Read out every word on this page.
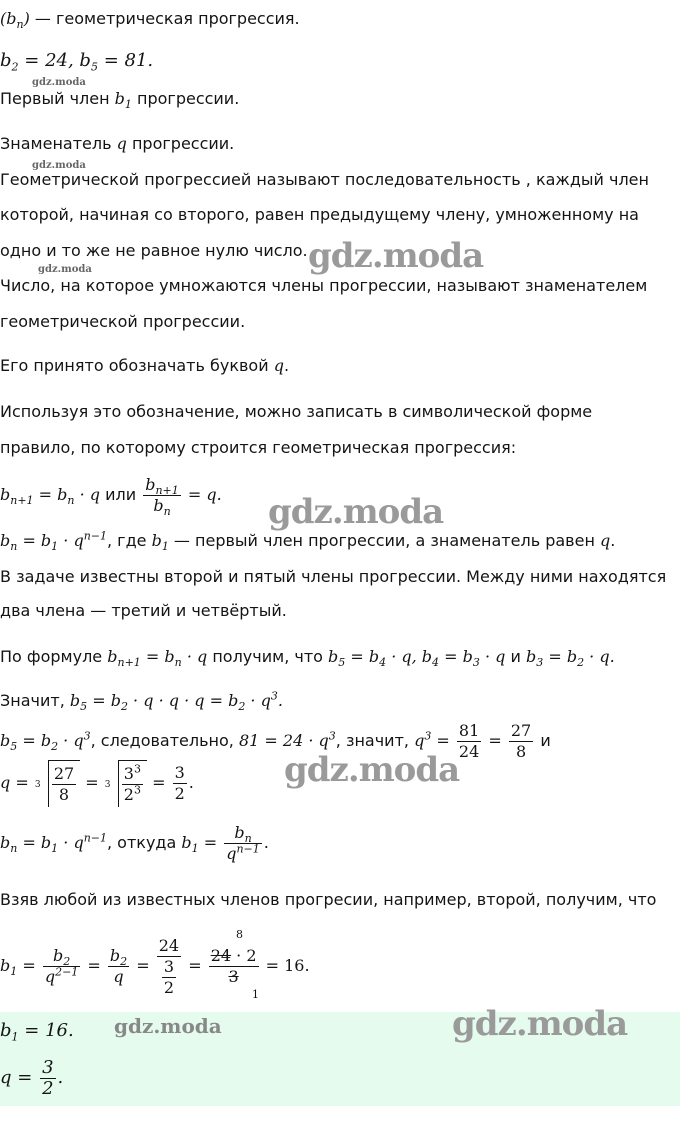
$(b_n)$ — геометрическая прогрессия.
$b_2 = 24$, $b_5 = 81$.
gdz.moda
Первый член $b_1$ прогрессии.
Знаменатель q прогрессии.
gdz.moda
Геометрической прогрессией называют последовательность , каждый член
которой, начиная со второго, равен предыдущему члену, умноженному на
одно и то же не равное нулю число. gdz.moda
gdz.moda
Число, на которое умножаются члены прогрессии, называют знаменателем
геометрической прогрессии.
Его принято обозначать буквой q.
Используя это обозначение, можно записать в символической форме
правило, по которому строится геометрическая прогрессия:
$b_{n+1} = b_n \cdot q$ или $\frac{b_{n+1}}{b_n} = q$. gdz.moda
$b_n = b_1 \cdot q^{n-1}$, где $b_1$ — первый член прогрессии, а знаменатель равен q.
В задаче известны второй и пятый члены прогрессии. Между ними находятся
два члена — третий и четвёртый.
По формуле $b_{n+1} = b_n \cdot q$ получим, что $b_5 = b_4 \cdot q$, $b_4 = b_3 \cdot q$ и $b_3 = b_2 \cdot q$.
Значит, $b_5 = b_2 \cdot q \cdot q \cdot q = b_2 \cdot q^3$.
$b_5 = b_2 \cdot q^3$, следовательно, $81 = 24 \cdot q^3$, значит, $q^3 = \frac{81}{24} = \frac{27}{8}$ и
$q = 3 \frac{27}{8} = 3 \frac{3^3}{2^3} = \frac{3}{2}$ .	gdz.moda
$b_n = b_1 \cdot q^{n-1}$, откуда $b_1 = \frac{b_n}{q^{n-1}}$ .
Взяв любой из известных членов прогресии, например, второй, получим, что
$b_1 = \frac{b_2}{q^{2-1}} = \frac{b_2}{q} = \frac{24}{\frac{3}{2}} = \frac{24 \cdot 2}{3} = 16$.
8
1
$b_1 = 16$. gdz.moda	gdz.moda
$q = \frac{3}{2}$ .
